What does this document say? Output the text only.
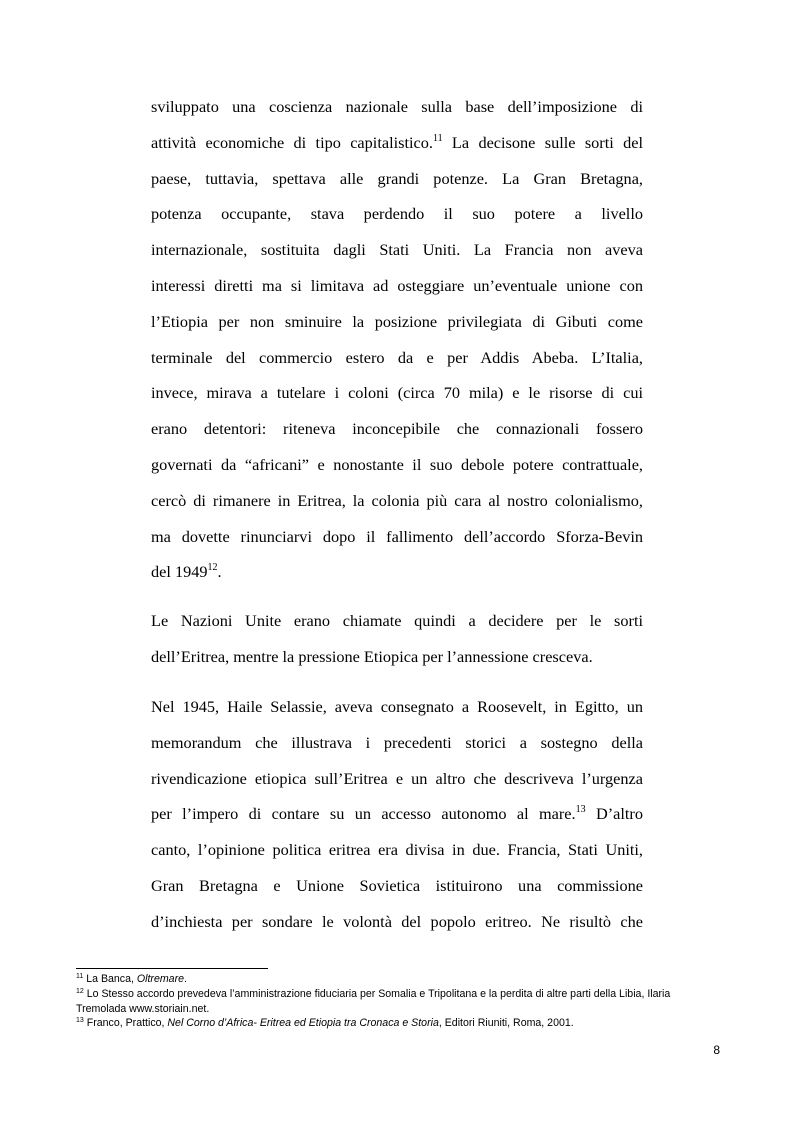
sviluppato una coscienza nazionale sulla base dell’imposizione di
attività economiche di tipo capitalistico.$^{11}$ La decisone sulle sorti del
paese, tuttavia, spettava alle grandi potenze. La Gran Bretagna,
potenza occupante, stava perdendo il suo potere a livello
internazionale, sostituita dagli Stati Uniti. La Francia non aveva
interessi diretti ma si limitava ad osteggiare un’eventuale unione con
l’Etiopia per non sminuire la posizione privilegiata di Gibuti come
terminale del commercio estero da e per Addis Abeba. L’Italia,
invece, mirava a tutelare i coloni (circa 70 mila) e le risorse di cui
erano detentori: riteneva inconcepibile che connazionali fossero
governati da “africani” e nonostante il suo debole potere contrattuale,
cercò di rimanere in Eritrea, la colonia più cara al nostro colonialismo,
ma dovette rinunciarvi dopo il fallimento dell’accordo Sforza-Bevin
del 1949$^{12}$.
Le Nazioni Unite erano chiamate quindi a decidere per le sorti
dell’Eritrea, mentre la pressione Etiopica per l’annessione cresceva.
Nel 1945, Haile Selassie, aveva consegnato a Roosevelt, in Egitto, un
memorandum che illustrava i precedenti storici a sostegno della
rivendicazione etiopica sull’Eritrea e un altro che descriveva l’urgenza
per l’impero di contare su un accesso autonomo al mare.$^{13}$ D’altro
canto, l’opinione politica eritrea era divisa in due. Francia, Stati Uniti,
Gran Bretagna e Unione Sovietica istituirono una commissione
d’inchiesta per sondare le volontà del popolo eritreo. Ne risultò che

$^{11}$ La Banca, Oltremare.

$^{12}$ Lo Stesso accordo prevedeva l’amministrazione fiduciaria per Somalia e Tripolitana e la perdita di altre parti della Libia, Ilaria Tremolada www.storiain.net.

$^{13}$ Franco, Prattico, Nel Corno d’Africa- Eritrea ed Etiopia tra Cronaca e Storia, Editori Riuniti, Roma, 2001.

8
